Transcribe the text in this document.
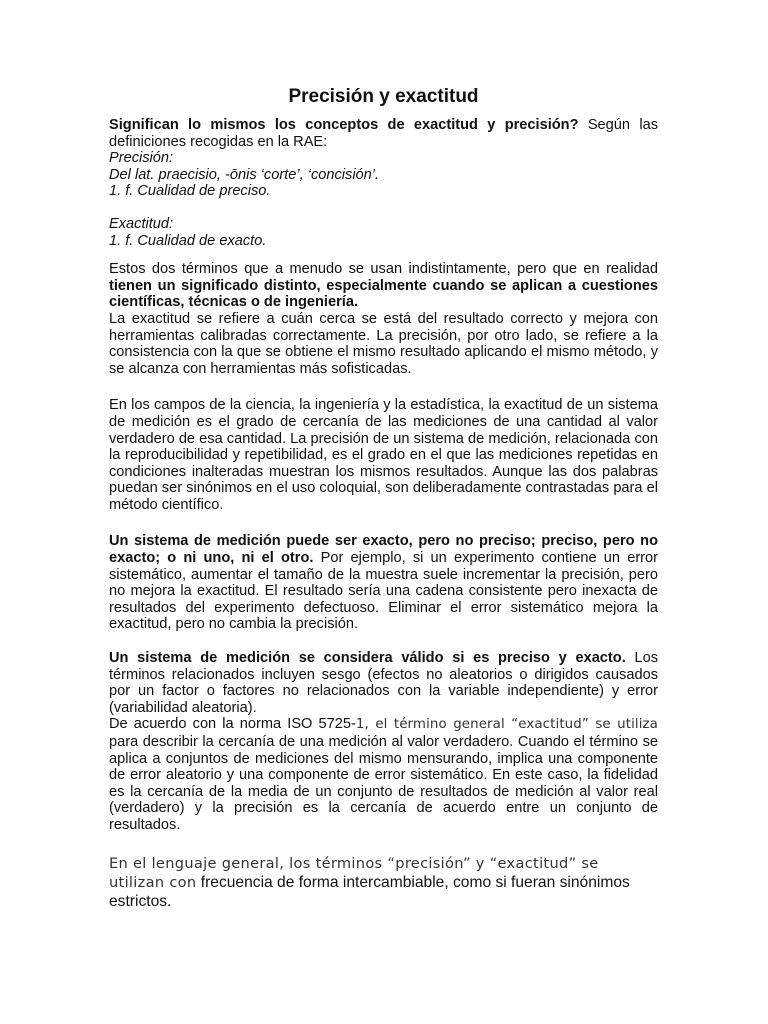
Precisión y exactitud

Significan lo mismos los conceptos de exactitud y precisión? Según las definiciones recogidas en la RAE:

Precisión:
Del lat. praecisio, -ōnis ‘corte’, ‘concisión’.
1. f. Cualidad de preciso.
Exactitud:
1. f. Cualidad de exacto.

Estos dos términos que a menudo se usan indistintamente, pero que en realidad tienen un significado distinto, especialmente cuando se aplican a cuestiones científicas, técnicas o de ingeniería.

La exactitud se refiere a cuán cerca se está del resultado correcto y mejora con herramientas calibradas correctamente. La precisión, por otro lado, se refiere a la consistencia con la que se obtiene el mismo resultado aplicando el mismo método, y se alcanza con herramientas más sofisticadas.

En los campos de la ciencia, la ingeniería y la estadística, la exactitud de un sistema de medición es el grado de cercanía de las mediciones de una cantidad al valor verdadero de esa cantidad. La precisión de un sistema de medición, relacionada con la reproducibilidad y repetibilidad, es el grado en el que las mediciones repetidas en condiciones inalteradas muestran los mismos resultados. Aunque las dos palabras puedan ser sinónimos en el uso coloquial, son deliberadamente contrastadas para el método científico.

Un sistema de medición puede ser exacto, pero no preciso; preciso, pero no exacto; o ni uno, ni el otro. Por ejemplo, si un experimento contiene un error sistemático, aumentar el tamaño de la muestra suele incrementar la precisión, pero no mejora la exactitud. El resultado sería una cadena consistente pero inexacta de resultados del experimento defectuoso. Eliminar el error sistemático mejora la exactitud, pero no cambia la precisión.

Un sistema de medición se considera válido si es preciso y exacto. Los términos relacionados incluyen sesgo (efectos no aleatorios o dirigidos causados por un factor o factores no relacionados con la variable independiente) y error (variabilidad aleatoria).

De acuerdo con la norma ISO 5725-1, el término general “exactitud” se utiliza para describir la cercanía de una medición al valor verdadero. Cuando el término se aplica a conjuntos de mediciones del mismo mensurando, implica una componente de error aleatorio y una componente de error sistemático. En este caso, la fidelidad es la cercanía de la media de un conjunto de resultados de medición al valor real (verdadero) y la precisión es la cercanía de acuerdo entre un conjunto de resultados.

En el lenguaje general, los términos “precisión” y “exactitud” se utilizan con frecuencia de forma intercambiable, como si fueran sinónimos estrictos.
